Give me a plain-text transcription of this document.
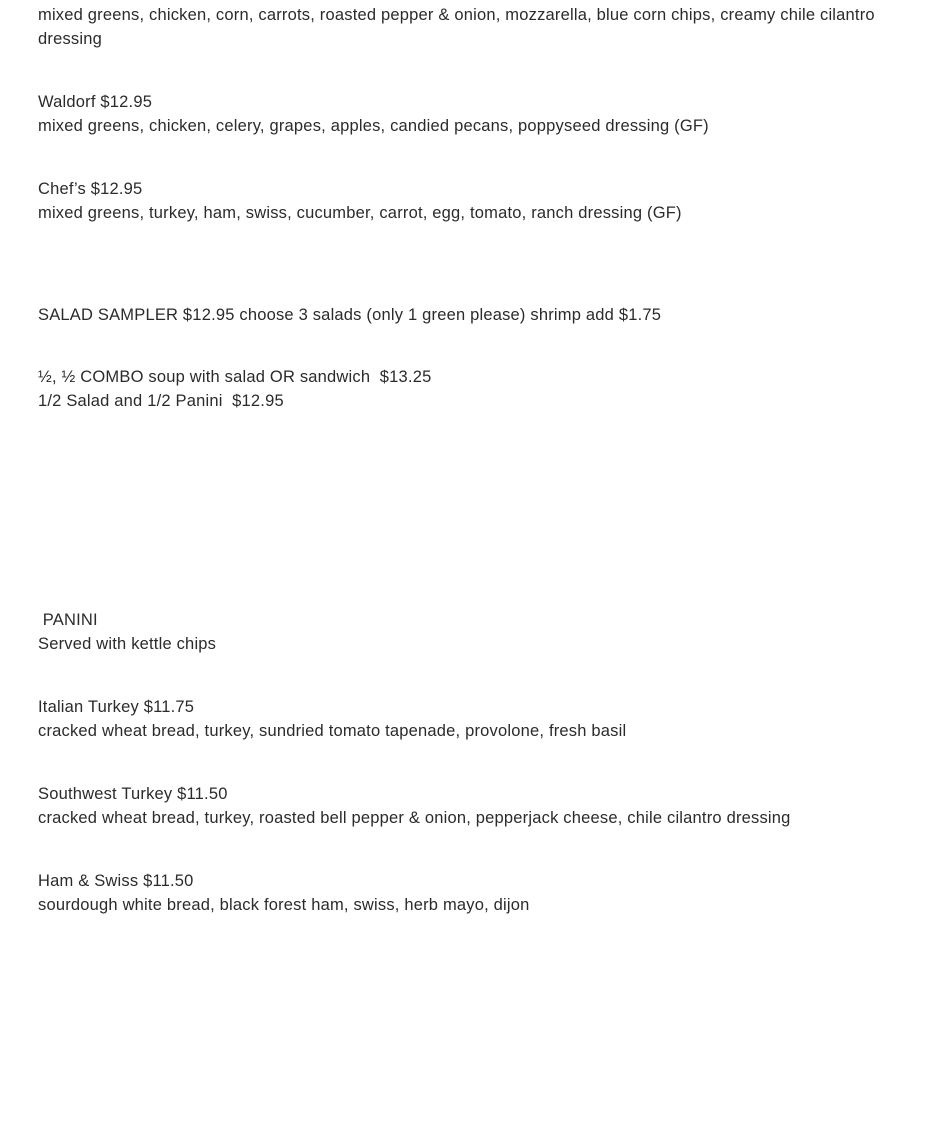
mixed greens, chicken, corn, carrots, roasted pepper & onion, mozzarella, blue corn chips, creamy chile cilantro dressing
Waldorf $12.95
mixed greens, chicken, celery, grapes, apples, candied pecans, poppyseed dressing (GF)
Chef’s $12.95
mixed greens, turkey, ham, swiss, cucumber, carrot, egg, tomato, ranch dressing (GF)
SALAD SAMPLER $12.95 choose 3 salads (only 1 green please) shrimp add $1.75
½, ½ COMBO soup with salad OR sandwich  $13.25
1/2 Salad and 1/2 Panini  $12.95
PANINI
Served with kettle chips
Italian Turkey $11.75
cracked wheat bread, turkey, sundried tomato tapenade, provolone, fresh basil
Southwest Turkey $11.50
cracked wheat bread, turkey, roasted bell pepper & onion, pepperjack cheese, chile cilantro dressing
Ham & Swiss $11.50
sourdough white bread, black forest ham, swiss, herb mayo, dijon
